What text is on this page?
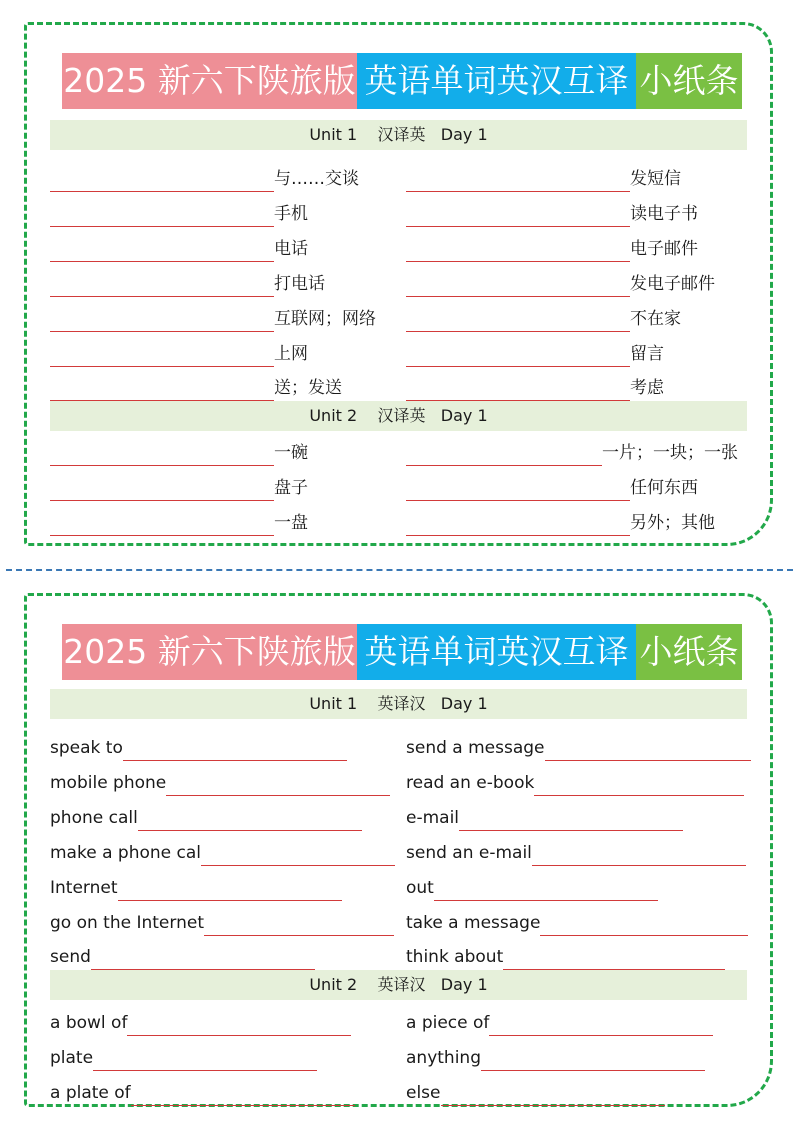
2025 新六下陕旅版 英语单词英汉互译 小纸条
Unit 1    汉译英   Day 1
与……交谈	发短信
手机	读电子书
电话	电子邮件
打电话	发电子邮件
互联网；网络	不在家
上网	留言
送；发送	考虑
Unit 2    汉译英   Day 1
一碗	一片；一块；一张
盘子	任何东西
一盘	另外；其他
2025 新六下陕旅版 英语单词英汉互译 小纸条
Unit 1    英译汉   Day 1
speak to	send a message
mobile phone	read an e-book
phone call	e-mail
make a phone cal	send an e-mail
Internet	out
go on the Internet	take a message
send	think about
Unit 2    英译汉   Day 1
a bowl of	a piece of
plate	anything
a plate of	else
